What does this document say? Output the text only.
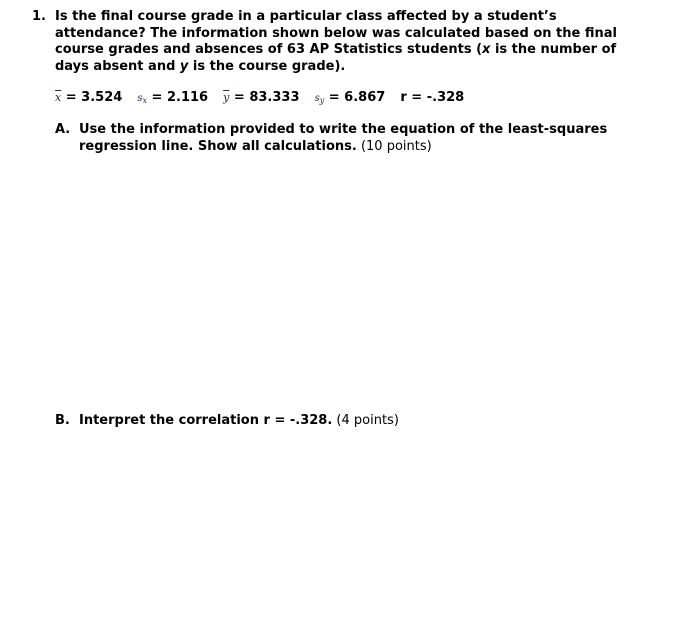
1. Is the final course grade in a particular class affected by a student’s
attendance? The information shown below was calculated based on the final
course grades and absences of 63 AP Statistics students (x is the number of
days absent and y is the course grade).
$\overline{x} = 3.524$ $s_x = 2.116$ $\overline{y} = 83.333$ $s_y = 6.867$ r = -.328
A. Use the information provided to write the equation of the least-squares
regression line. Show all calculations. (10 points)
B. Interpret the correlation r = -.328. (4 points)
